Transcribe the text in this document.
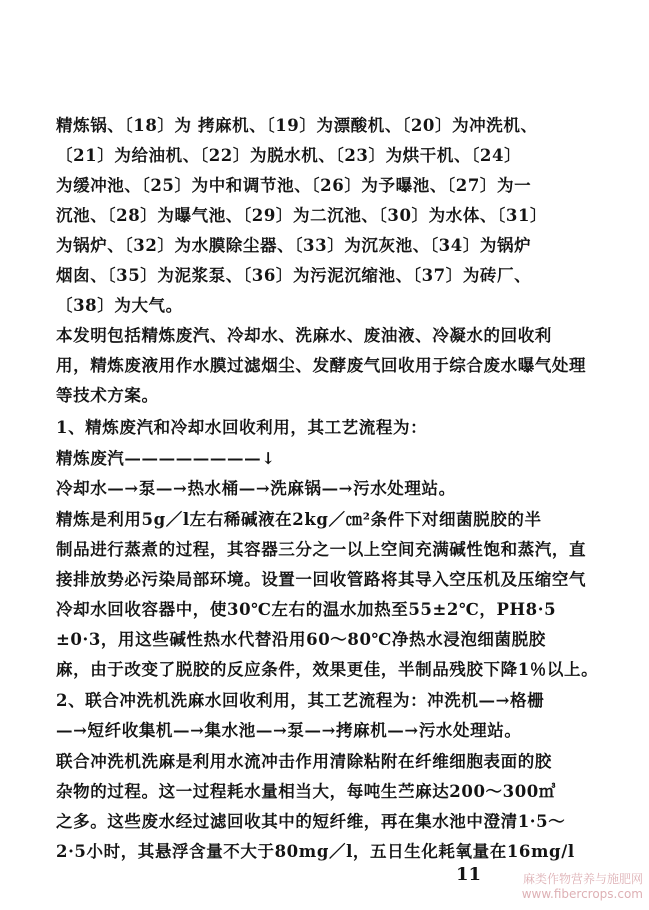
精炼锅、〔18〕为 拷麻机、〔19〕为漂酸机、〔20〕为冲洗机、
〔21〕为给油机、〔22〕为脱水机、〔23〕为烘干机、〔24〕
为缓冲池、〔25〕为中和调节池、〔26〕为予曝池、〔27〕为一
沉池、〔28〕为曝气池、〔29〕为二沉池、〔30〕为水体、〔31〕
为锅炉、〔32〕为水膜除尘器、〔33〕为沉灰池、〔34〕为锅炉
烟囱、〔35〕为泥浆泵、〔36〕为污泥沉缩池、〔37〕为砖厂、
〔38〕为大气。
本发明包括精炼废汽、冷却水、洗麻水、废油液、冷凝水的回收利
用，精炼废液用作水膜过滤烟尘、发酵废气回收用于综合废水曝气处理
等技术方案。
1、精炼废汽和冷却水回收利用，其工艺流程为：
精炼废汽————————↓
冷却水—→泵—→热水桶—→洗麻锅—→污水处理站。
精炼是利用5g／l左右稀碱液在2kg／㎝²条件下对细菌脱胶的半
制品进行蒸煮的过程，其容器三分之一以上空间充满碱性饱和蒸汽，直
接排放势必污染局部环境。设置一回收管路将其导入空压机及压缩空气
冷却水回收容器中，使30℃左右的温水加热至55±2℃，PH8·5
±0·3，用这些碱性热水代替沿用60～80℃净热水浸泡细菌脱胶
麻，由于改变了脱胶的反应条件，效果更佳，半制品残胶下降1％以上。
2、联合冲洗机洗麻水回收利用，其工艺流程为：冲洗机—→格栅
—→短纤收集机—→集水池—→泵—→拷麻机—→污水处理站。
联合冲洗机洗麻是利用水流冲击作用清除粘附在纤维细胞表面的胶
杂物的过程。这一过程耗水量相当大，每吨生苎麻达200～300㎥
之多。这些废水经过滤回收其中的短纤维，再在集水池中澄清1·5～
2·5小时，其悬浮含量不大于80mg／l，五日生化耗氧量在16mg/l
11	麻类作物营养与施肥网
www.fibercrops.com
